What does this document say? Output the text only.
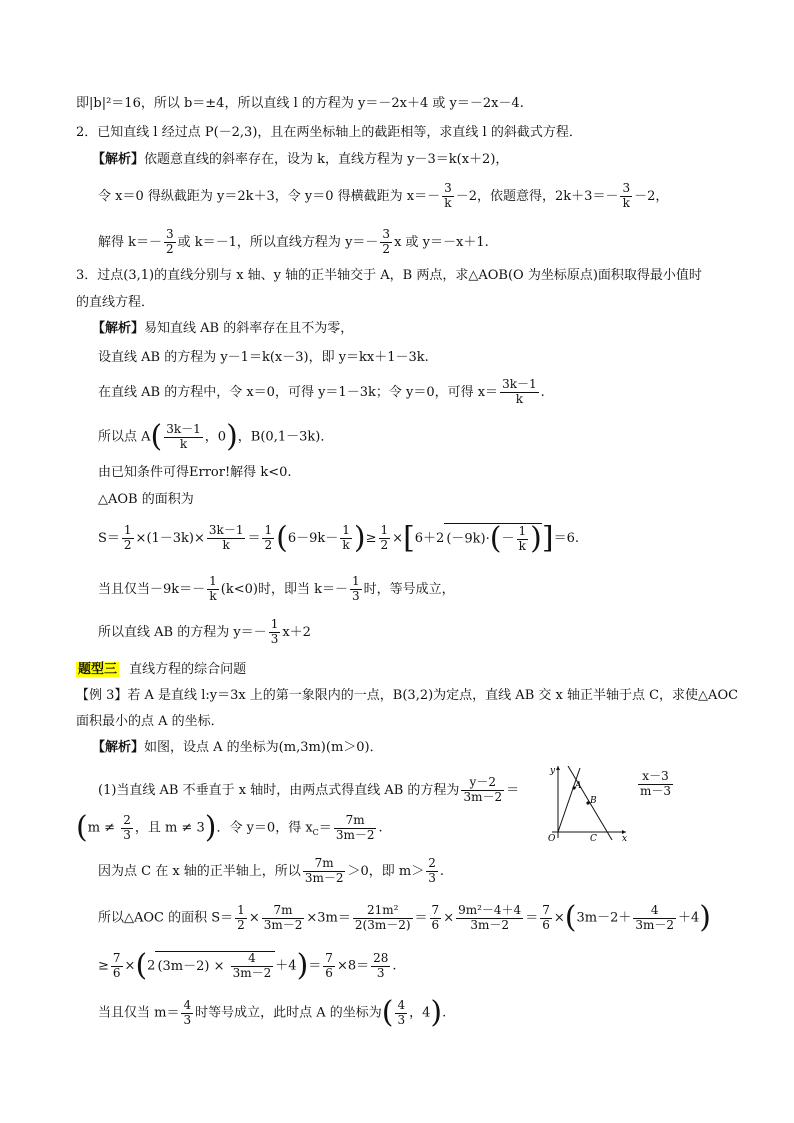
即|b|²＝16，所以 b＝±4，所以直线 l 的方程为 y＝－2x＋4 或 y＝－2x－4.
2．已知直线 l 经过点 P(－2,3)，且在两坐标轴上的截距相等，求直线 l 的斜截式方程．
【解析】依题意直线的斜率存在，设为 k，直线方程为 y－3＝k(x＋2)，
令 x＝0 得纵截距为 y＝2k＋3，令 y＝0 得横截距为 $x=- \frac{3}{k} -2$，依题意得，$2k+3=- \frac{3}{k} -2$，
解得 $k=- \frac{3}{2}$ 或 k＝－1，所以直线方程为 $y=- \frac{3}{2}$ x 或 y＝－x＋1.
3．过点(3,1)的直线分别与 x 轴、y 轴的正半轴交于 A，B 两点，求△AOB(O 为坐标原点)面积取得最小值时
的直线方程．
【解析】易知直线 AB 的斜率存在且不为零，
设直线 AB 的方程为 y－1＝k(x－3)，即 y＝kx＋1－3k.
在直线 AB 的方程中，令 x＝0，可得 y＝1－3k；令 y＝0，可得 $x= \frac{3k-1}{k}$ .
所以点 $A( \frac{3k-1}{k}$ ，0)，B(0,1－3k)．
由已知条件可得Error!解得 k<0.
△AOB 的面积为
$S= \frac{1}{2} \times(1-3k)\times \frac{3k-1}{k} = \frac{1}{2} (6-9k- \frac{1}{k}$ )≥ $\frac{1}{2} \times[6+2$ $(-9k)\cdot(- \frac{1}{k} )]=6$.
当且仅当$-9k=- \frac{1}{k} (k<0)$时，即当 $k=- \frac{1}{3}$ 时，等号成立，
所以直线 AB 的方程为 $y=- \frac{1}{3} x+2$
题型三 直线方程的综合问题
【例 3】若 A 是直线 l:y＝3x 上的第一象限内的一点，B(3,2)为定点，直线 AB 交 x 轴正半轴于点 C，求使△AOC
面积最小的点 A 的坐标．
【解析】如图，设点 A 的坐标为(m,3m)(m＞0)．
(1)当直线 AB 不垂直于 x 轴时，由两点式得直线 AB 的方程为 $\frac{y-2}{3m-2}$ ＝	$\frac{x-3}{m-3}$
($m \ne \frac{2}{3}$ ，且 m ≠ 3)．令 y＝0，得 $x_C= \frac{7m}{3m-2}$ .
因为点 C 在 x 轴的正半轴上，所以 $\frac{7m}{3m-2} >0$，即 $m> \frac{2}{3}$ .
所以△AOC 的面积 $S= \frac{1}{2} \times \frac{7m}{3m-2} \times 3m= \frac{\text{21m²}}{2(3m-2)} = \frac{7}{6} \times \frac{\text{9m²－4＋4}}{3m-2} = \frac{7}{6} \times(3m-2+ \frac{4}{3m-2} +4)$
≥ $\frac{7}{6} \times(2$ $(3m-2) \times \frac{4}{3m-2} +4)= \frac{7}{6} \times 8= \frac{28}{3}$ .
当且仅当 $m= \frac{4}{3}$ 时等号成立，此时点 A 的坐标为( $\frac{4}{3}$ ，4).
y
x
O
A
B
C
